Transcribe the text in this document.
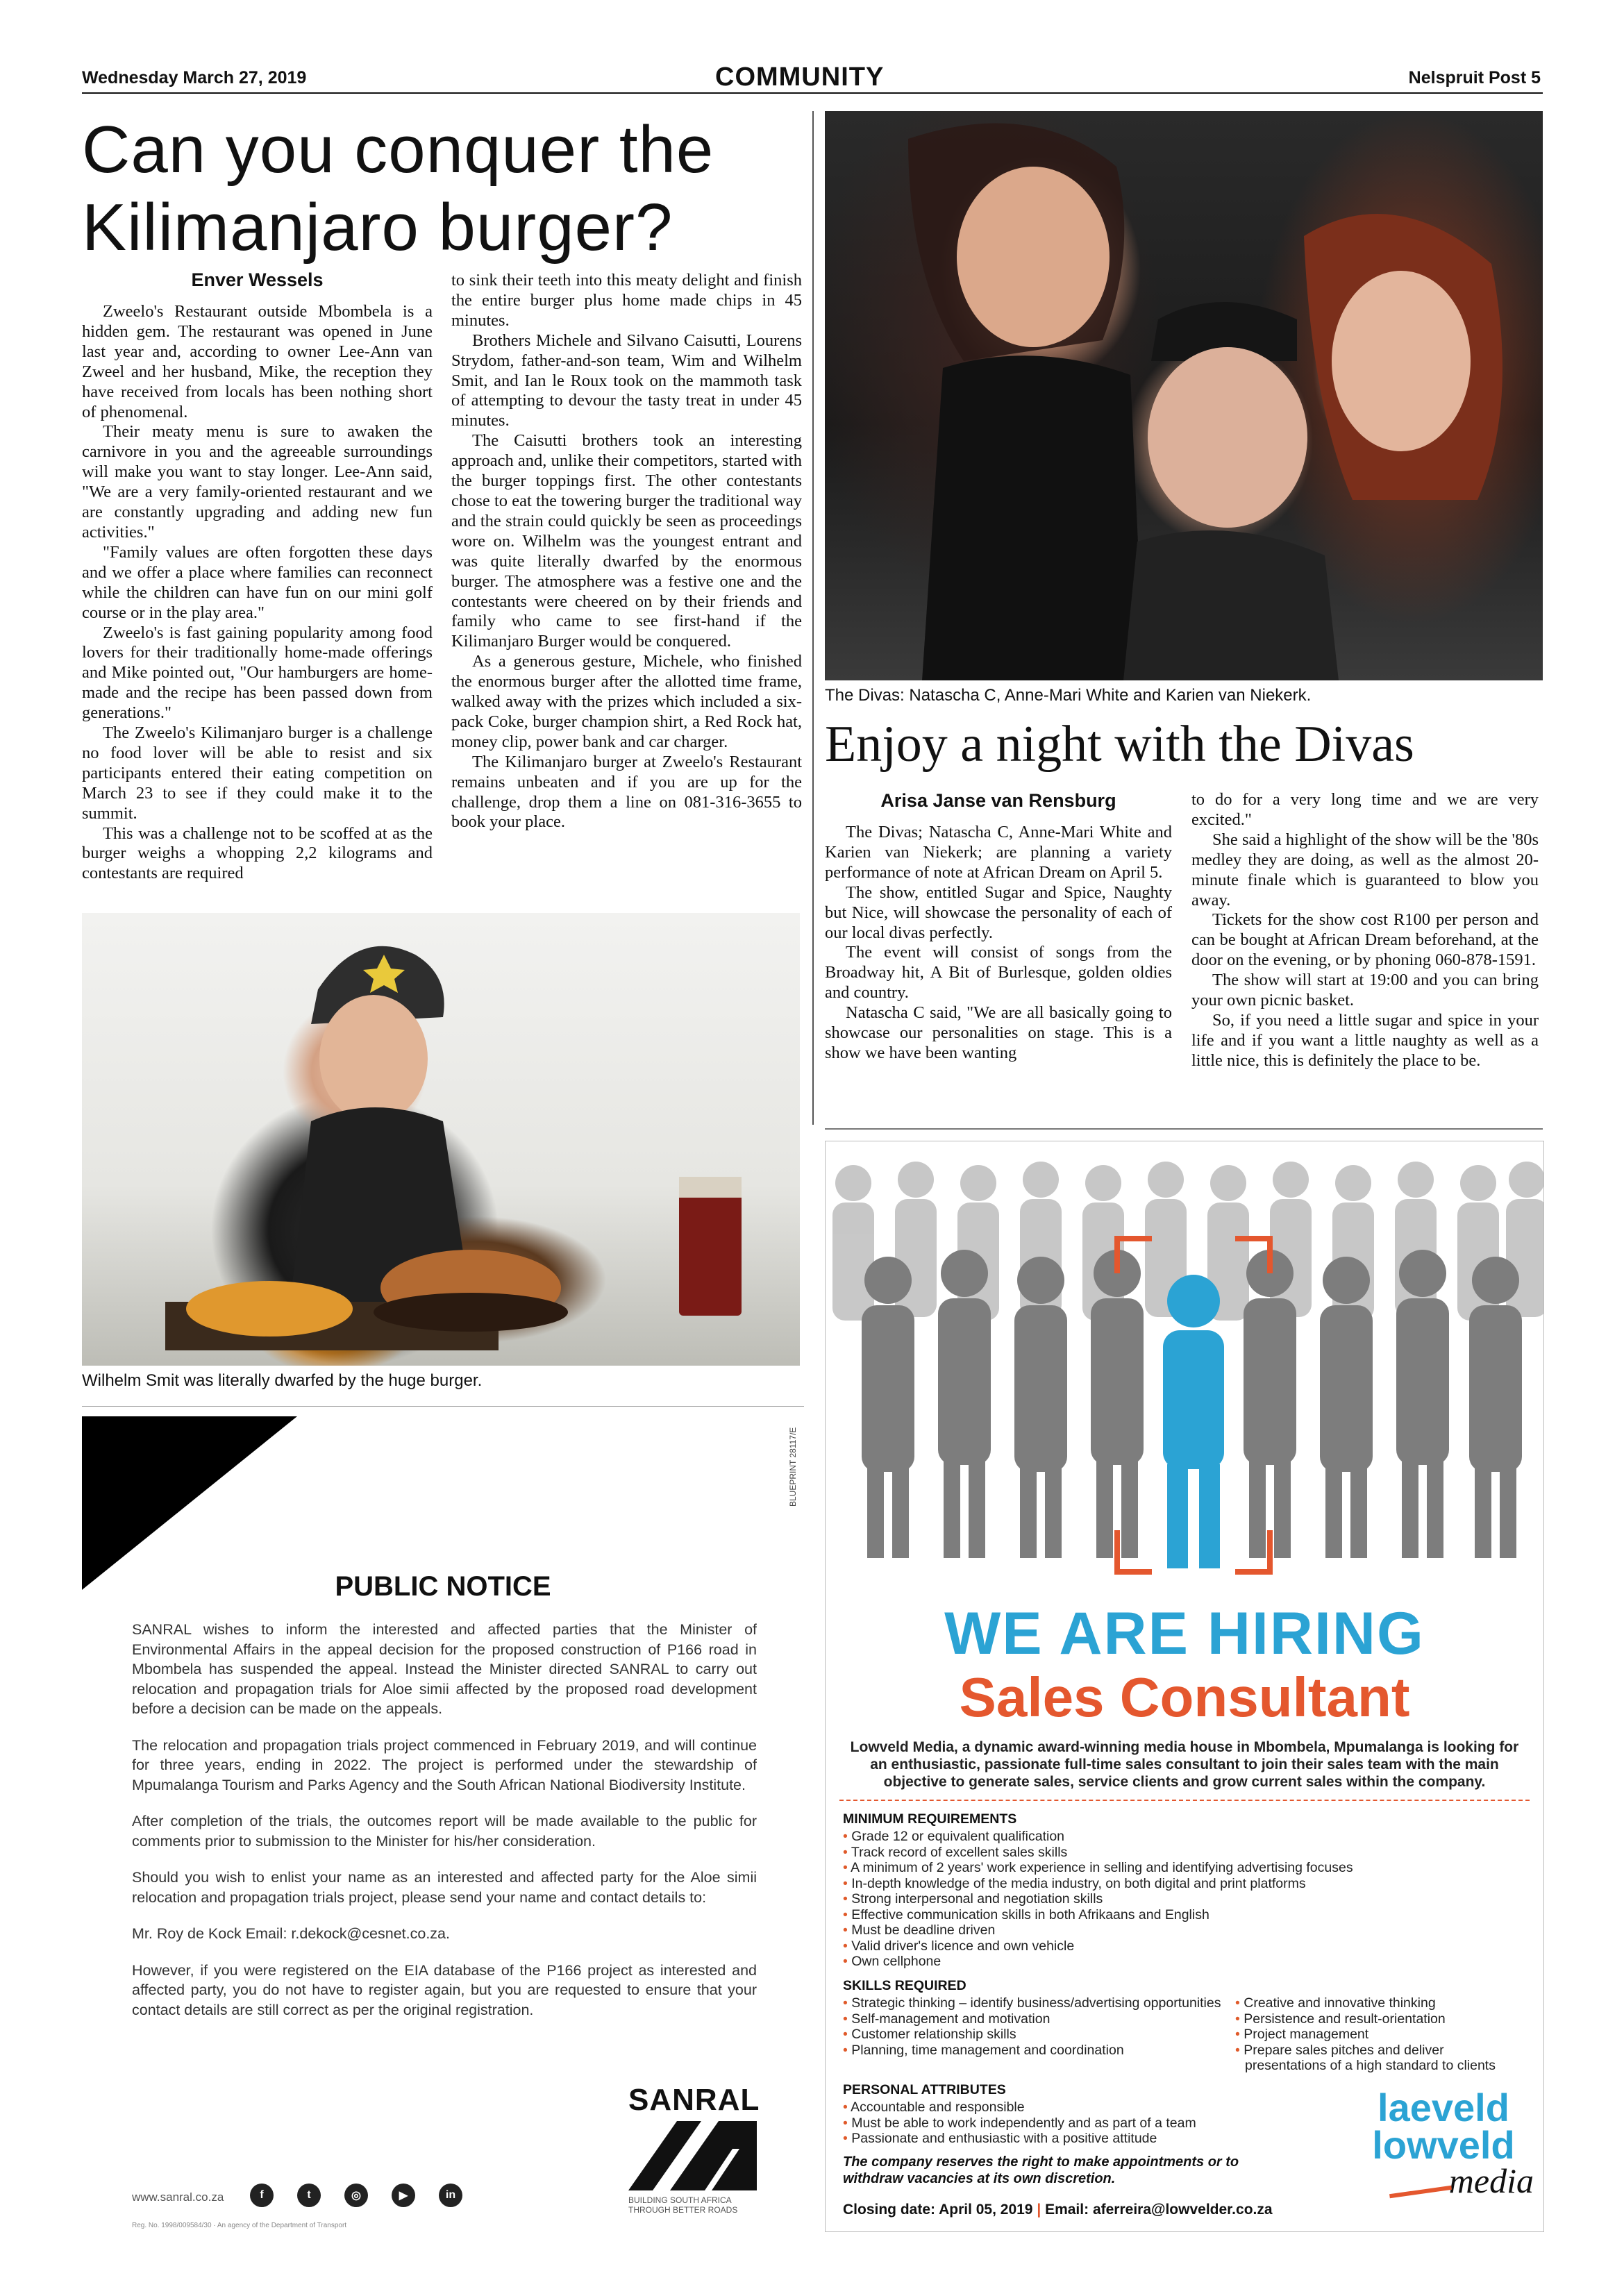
Wednesday March 27, 2019	COMMUNITY	Nelspruit Post 5
Can you conquer the
Kilimanjaro burger?
Enver Wessels

Zweelo's Restaurant outside Mbombela is a hidden gem. The restaurant was opened in June last year and, according to owner Lee-Ann van Zweel and her husband, Mike, the reception they have received from locals has been nothing short of phenomenal.

Their meaty menu is sure to awaken the carnivore in you and the agreeable surroundings will make you want to stay longer. Lee-Ann said, "We are a very family-oriented restaurant and we are constantly upgrading and adding new fun activities."

"Family values are often forgotten these days and we offer a place where families can reconnect while the children can have fun on our mini golf course or in the play area."

Zweelo's is fast gaining popularity among food lovers for their traditionally home-made offerings and Mike pointed out, "Our hamburgers are home-made and the recipe has been passed down from generations."

The Zweelo's Kilimanjaro burger is a challenge no food lover will be able to resist and six participants entered their eating competition on March 23 to see if they could make it to the summit.

This was a challenge not to be scoffed at as the burger weighs a whopping 2,2 kilograms and contestants are required

to sink their teeth into this meaty delight and finish the entire burger plus home made chips in 45 minutes.

Brothers Michele and Silvano Caisutti, Lourens Strydom, father-and-son team, Wim and Wilhelm Smit, and Ian le Roux took on the mammoth task of attempting to devour the tasty treat in under 45 minutes.

The Caisutti brothers took an interesting approach and, unlike their competitors, started with the burger toppings first. The other contestants chose to eat the towering burger the traditional way and the strain could quickly be seen as proceedings wore on. Wilhelm was the youngest entrant and was quite literally dwarfed by the enormous burger. The atmosphere was a festive one and the contestants were cheered on by their friends and family who came to see first-hand if the Kilimanjaro Burger would be conquered.

As a generous gesture, Michele, who finished the enormous burger after the allotted time frame, walked away with the prizes which included a six-pack Coke, burger champion shirt, a Red Rock hat, money clip, power bank and car charger.

The Kilimanjaro burger at Zweelo's Restaurant remains unbeaten and if you are up for the challenge, drop them a line on 081-316-3655 to book your place.

Wilhelm Smit was literally dwarfed by the huge burger.
The Divas: Natascha C, Anne-Mari White and Karien van Niekerk.
Enjoy a night with the Divas
Arisa Janse van Rensburg

The Divas; Natascha C, Anne-Mari White and Karien van Niekerk; are planning a variety performance of note at African Dream on April 5.

The show, entitled Sugar and Spice, Naughty but Nice, will showcase the personality of each of our local divas perfectly.

The event will consist of songs from the Broadway hit, A Bit of Burlesque, golden oldies and country.

Natascha C said, "We are all basically going to showcase our personalities on stage. This is a show we have been wanting

to do for a very long time and we are very excited."

She said a highlight of the show will be the '80s medley they are doing, as well as the almost 20-minute finale which is guaranteed to blow you away.

Tickets for the show cost R100 per person and can be bought at African Dream beforehand, at the door on the evening, or by phoning 060-878-1591.

The show will start at 19:00 and you can bring your own picnic basket.

So, if you need a little sugar and spice in your life and if you want a little naughty as well as a little nice, this is definitely the place to be.

BLUEPRINT 28117/E
PUBLIC NOTICE

SANRAL wishes to inform the interested and affected parties that the Minister of Environmental Affairs in the appeal decision for the proposed construction of P166 road in Mbombela has suspended the appeal. Instead the Minister directed SANRAL to carry out relocation and propagation trials for Aloe simii affected by the proposed road development before a decision can be made on the appeals.

The relocation and propagation trials project commenced in February 2019, and will continue for three years, ending in 2022. The project is performed under the stewardship of Mpumalanga Tourism and Parks Agency and the South African National Biodiversity Institute.

After completion of the trials, the outcomes report will be made available to the public for comments prior to submission to the Minister for his/her consideration.

Should you wish to enlist your name as an interested and affected party for the Aloe simii relocation and propagation trials project, please send your name and contact details to:

Mr. Roy de Kock Email: r.dekock@cesnet.co.za.

However, if you were registered on the EIA database of the P166 project as interested and affected party, you do not have to register again, but you are requested to ensure that your contact details are still correct as per the original registration.

SANRAL
BUILDING SOUTH AFRICA
THROUGH BETTER ROADS
www.sanral.co.za	f	t	◎	▶	in
Reg. No. 1998/009584/30 · An agency of the Department of Transport
WE ARE HIRING
Sales Consultant
Lowveld Media, a dynamic award-winning media house in Mbombela, Mpumalanga is looking for an enthusiastic, passionate full-time sales consultant to join their sales team with the main objective to generate sales, service clients and grow current sales within the company.
MINIMUM REQUIREMENTS
• Grade 12 or equivalent qualification
• Track record of excellent sales skills
• A minimum of 2 years' work experience in selling and identifying advertising focuses
• In-depth knowledge of the media industry, on both digital and print platforms
• Strong interpersonal and negotiation skills
• Effective communication skills in both Afrikaans and English
• Must be deadline driven
• Valid driver's licence and own vehicle
• Own cellphone
SKILLS REQUIRED
• Strategic thinking – identify business/advertising opportunities
• Self-management and motivation
• Customer relationship skills
• Planning, time management and coordination
• Creative and innovative thinking
• Persistence and result-orientation
• Project management
• Prepare sales pitches and deliver
presentations of a high standard to clients
PERSONAL ATTRIBUTES
• Accountable and responsible
• Must be able to work independently and as part of a team
• Passionate and enthusiastic with a positive attitude
The company reserves the right to make appointments or to withdraw vacancies at its own discretion.
Closing date: April 05, 2019 | Email: aferreira@lowvelder.co.za
laeveld
lowveld
media
